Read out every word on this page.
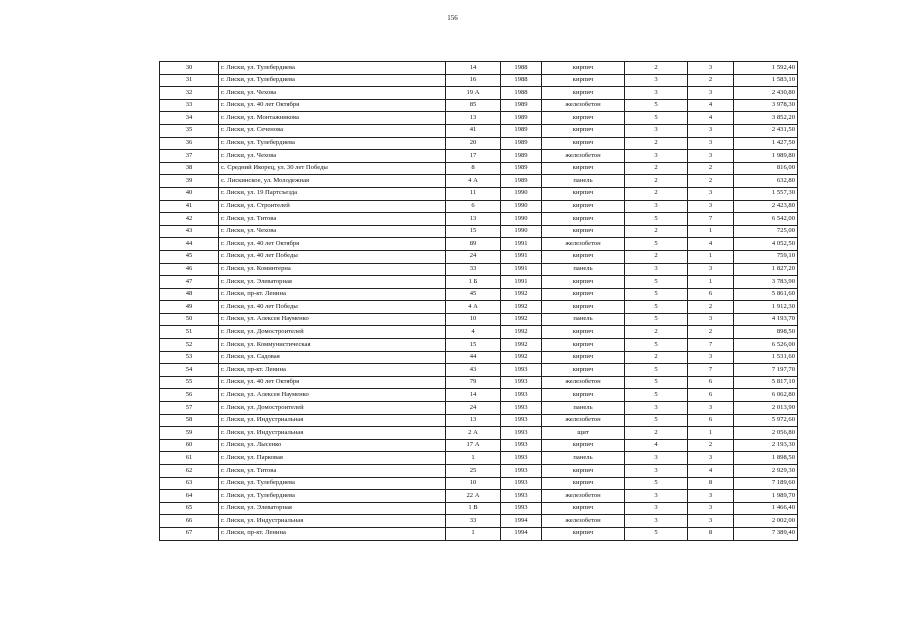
156
30	г. Лиски, ул. Тулебердиева	14	1988	кирпич	2	3	1 592,40
31	г. Лиски, ул. Тулебердиева	16	1988	кирпич	3	2	1 583,10
32	г. Лиски, ул. Чехова	19 А	1988	кирпич	3	3	2 430,80
33	г. Лиски, ул. 40 лет Октября	85	1989	железобетон	5	4	3 978,30
34	г. Лиски, ул. Монтажникова	13	1989	кирпич	5	4	3 852,20
35	г. Лиски, ул. Сеченова	41	1989	кирпич	3	3	2 431,50
36	г. Лиски, ул. Тулебердиева	20	1989	кирпич	2	3	1 427,50
37	г. Лиски, ул. Чехова	17	1989	железобетон	3	3	1 989,80
38	с. Средний Икорец, ул. 30 лет Победы	8	1989	кирпич	2	2	816,00
39	с. Лискинское, ул. Молодежная	4 А	1989	панель	2	2	632,80
40	г. Лиски, ул. 19 Партсъезда	11	1990	кирпич	2	3	1 557,30
41	г. Лиски, ул. Строителей	6	1990	кирпич	3	3	2 423,80
42	г. Лиски, ул. Титова	13	1990	кирпич	5	7	6 542,00
43	г. Лиски, ул. Чехова	15	1990	кирпич	2	1	725,00
44	г. Лиски, ул. 40 лет Октября	89	1991	железобетон	5	4	4 052,50
45	г. Лиски, ул. 40 лет Победы	24	1991	кирпич	2	1	759,10
46	г. Лиски, ул. Коминтерна	33	1991	панель	3	3	1 827,20
47	г. Лиски, ул. Элеваторная	1 Б	1991	кирпич	5	1	3 783,90
48	г. Лиски, пр-кт. Ленина	45	1992	кирпич	5	6	5 861,60
49	г. Лиски, ул. 40 лет Победы	4 А	1992	кирпич	5	2	1 912,30
50	г. Лиски, ул. Алексея Науменко	10	1992	панель	5	3	4 193,70
51	г. Лиски, ул. Домостроителей	4	1992	кирпич	2	2	898,50
52	г. Лиски, ул. Коммунистическая	15	1992	кирпич	5	7	6 526,00
53	г. Лиски, ул. Садовая	44	1992	кирпич	2	3	1 531,60
54	г. Лиски, пр-кт. Ленина	43	1993	кирпич	5	7	7 197,70
55	г. Лиски, ул. 40 лет Октября	79	1993	железобетон	5	6	5 817,10
56	г. Лиски, ул. Алексея Науменко	14	1993	кирпич	5	6	6 062,80
57	г. Лиски, ул. Домостроителей	24	1993	панель	3	3	2 013,90
58	г. Лиски, ул. Индустриальная	13	1993	железобетон	5	6	5 972,60
59	г. Лиски, ул. Индустриальная	2 А	1993	щит	2	1	2 056,80
60	г. Лиски, ул. Лысенко	17 А	1993	кирпич	4	2	2 193,30
61	г. Лиски, ул. Парковая	1	1993	панель	3	3	1 898,50
62	г. Лиски, ул. Титова	25	1993	кирпич	3	4	2 929,30
63	г. Лиски, ул. Тулебердиева	10	1993	кирпич	5	8	7 189,60
64	г. Лиски, ул. Тулебердиева	22 А	1993	железобетон	3	3	1 989,70
65	г. Лиски, ул. Элеваторная	1 В	1993	кирпич	3	3	1 466,40
66	г. Лиски, ул. Индустриальная	33	1994	железобетон	3	3	2 002,00
67	г. Лиски, пр-кт. Ленина	1	1994	кирпич	5	8	7 389,40
